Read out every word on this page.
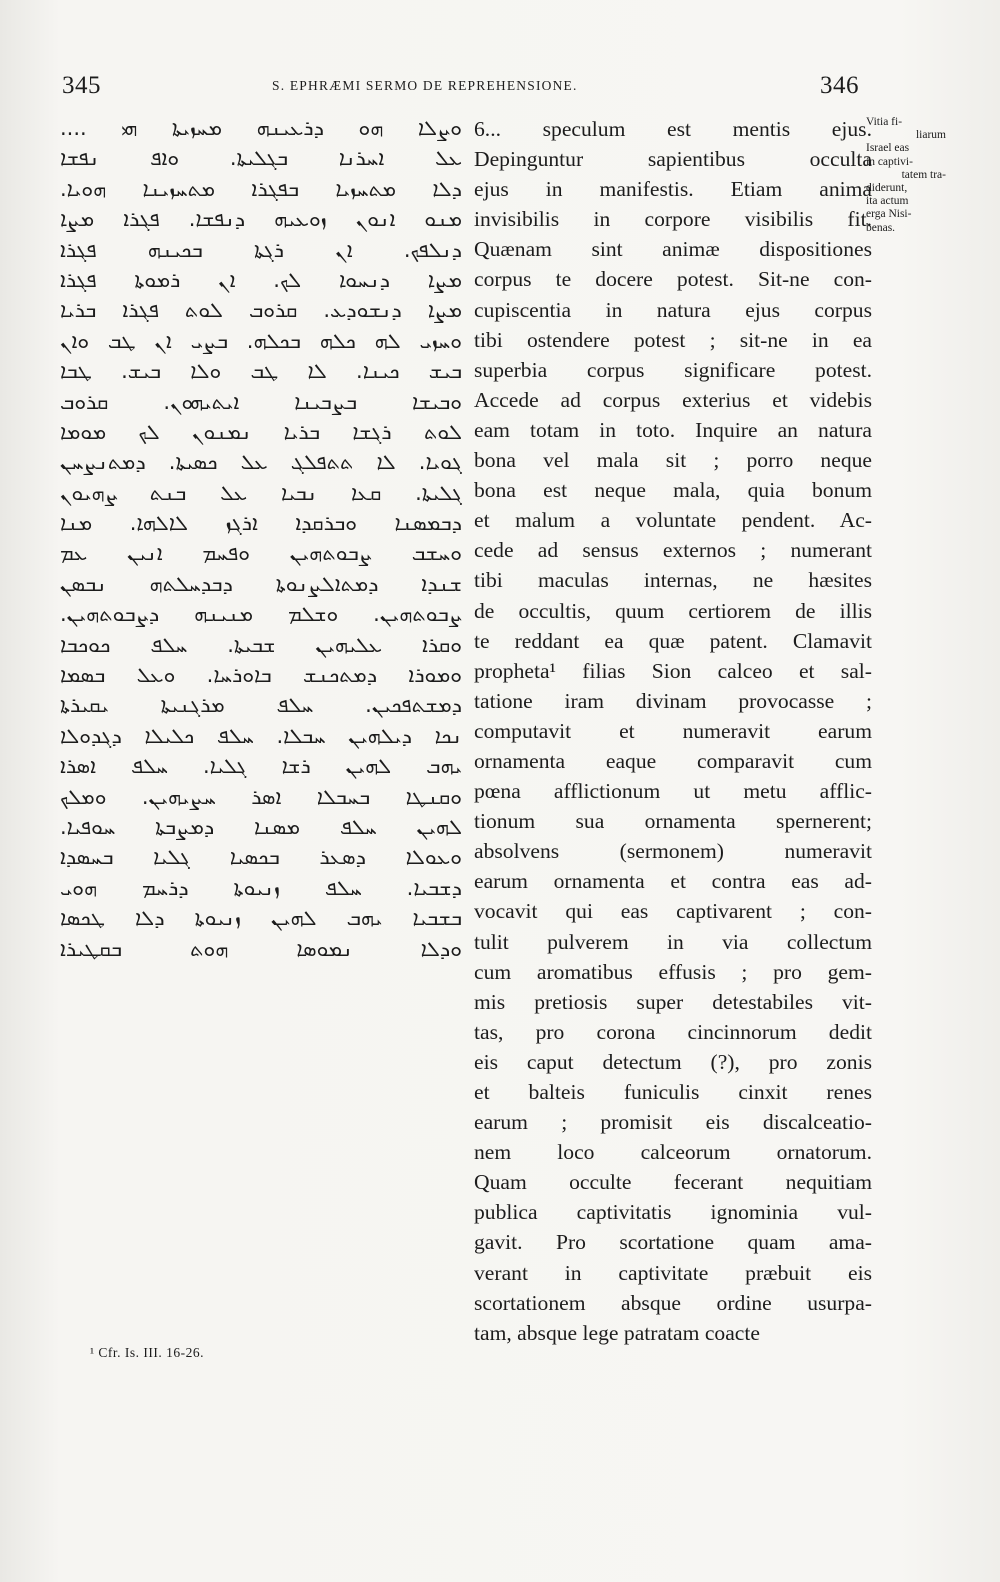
345	S. EPHRÆMI SERMO DE REPREHENSIONE.	346
ܘܨܠܐ ܗܘ ܕܪܥܝܢܗ ܡܚܙܝܬܐ ܗܝ ....
ܥܠ ܐܚܪܢܐ ܒܓܠܝܬܐ. ܘܐܦ ܢܦܫܐ
ܕܠܐ ܡܬܚܙܝܐ ܒܦܓܪܐ ܡܬܚܙܝܢܐ ܗܘܝܐ.
ܡܢܘ ܐܢܘܢ ܙܘܥܝܗ ܕܢܦܫܐ. ܦܓܪܐ ܡܨܐ
ܕܢܠܦܟ. ܐܢ ܪܓܬܐ ܒܟܝܢܗ ܦܓܪܐ
ܡܨܐ ܕܢܚܘܐ ܠܟ. ܐܢ ܪܡܘܬܐ ܦܓܪܐ
ܡܨܐ ܕܢܫܘܕܥ. ܩܪܘܒ ܠܘܬ ܦܓܪܐ ܒܪܝܐ
ܘܚܙܝ ܠܗ ܟܠܗ ܒܟܠܗ. ܒܨܝ ܐܢ ܛܒ ܘܐܢ
ܒܝܫ ܟܝܢܐ. ܠܐ ܛܒ ܘܠܐ ܒܝܫ. ܛܒܐ
ܘܒܝܫܐ ܒܨܒܝܢܐ ܐܝܬܝܗܘܢ. ܩܪܘܒ
ܠܘܬ ܪܓܫܐ ܒܪܝܐ ܢܡܢܘܢ ܠܟ ܡܘܡܐ
ܓܘܝܐ. ܠܐ ܬܬܦܠܓ ܥܠ ܟܣܝܬܐ. ܕܡܬܢܨܚܢ
ܓܠܝܬܐ. ܩܥܐ ܢܒܝܐ ܥܠ ܒܢܬ ܨܗܝܘܢ
ܕܒܡܣܢܐ ܘܒܪܩܕܐ ܐܪܓܙ ܠܐܠܗܐ. ܡܢܐ
ܘܚܫܒ ܨܒܘܬܗܝܢ ܘܦܚܡ ܐܢܝܢ ܥܡ
ܫܢܕܐ ܕܡܬܐܠܨܢܘܬܐ ܕܒܕܚܠܬܗ ܢܒܣܢ
ܨܒܘܬܗܝܢ. ܘܫܠܡ ܡܢܝܢܗ ܕܨܒܘܬܗܝܢ.
ܘܩܪܐ ܥܠܝܗܝܢ ܫܒܝܬܐ. ܚܠܦ ܟܘܟܒܐ
ܘܡܘܪܐ ܕܡܬܟܢܫ ܒܐܘܪܚܐ. ܘܥܠ ܒܣܡܐ
ܕܡܫܬܦܟܝܢ. ܚܠܦ ܡܪܓܢܝܬܐ ܝܩܝܪܬܐ
ܢܟܐ ܕܝܠܗܝܢ ܚܒܠܐ. ܚܠܦ ܟܠܝܠܐ ܕܓܕܘܠܐ
ܝܗܒ ܠܗܝܢ ܪܫܐ ܓܠܝܐ. ܚܠܦ ܐܣܪܐ
ܘܩܢܛܐ ܒܚܒܠܐ ܐܣܪ ܚܨܝܗܝܢ. ܘܡܠܟ
ܠܗܝܢ ܚܠܦ ܡܣܢܐ ܕܡܨܒܬܐ ܚܘܦܝܐ.
ܘܥܘܠܐ ܕܣܥܪ ܒܟܣܝܐ ܓܠܝܐ ܒܚܣܕܐ
ܕܫܒܝܐ. ܚܠܦ ܙܢܝܘܬܐ ܕܪܚܡ ܗܘܝ
ܒܫܒܝܐ ܝܗܒ ܠܗܝܢ ܙܢܝܘܬܐ ܕܠܐ ܛܟܣܐ
ܘܕܠܐ ܢܡܘܣܐ ܗܘܬ ܒܩܛܝܪܐ
¹ Cfr. Is. III. 16-26.
6... speculum est mentis ejus.
Depinguntur sapientibus occulta
ejus in manifestis. Etiam anima
invisibilis in corpore visibilis fit.
Quænam sint animæ dispositiones
corpus te docere potest. Sit-ne con-
cupiscentia in natura ejus corpus
tibi ostendere potest ; sit-ne in ea
superbia corpus significare potest.
Accede ad corpus exterius et videbis
eam totam in toto. Inquire an natura
bona vel mala sit ; porro neque
bona est neque mala, quia bonum
et malum a voluntate pendent. Ac-
cede ad sensus externos ; numerant
tibi maculas internas, ne hæsites
de occultis, quum certiorem de illis
te reddant ea quæ patent. Clamavit
propheta¹ filias Sion calceo et sal-
tatione iram divinam provocasse ;
computavit et numeravit earum
ornamenta eaque comparavit cum
pœna afflictionum ut metu afflic-
tionum sua ornamenta spernerent;
absolvens (sermonem) numeravit
earum ornamenta et contra eas ad-
vocavit qui eas captivarent ; con-
tulit pulverem in via collectum
cum aromatibus effusis ; pro gem-
mis pretiosis super detestabiles vit-
tas, pro corona cincinnorum dedit
eis caput detectum (?), pro zonis
et balteis funiculis cinxit renes
earum ; promisit eis discalceatio-
nem loco calceorum ornatorum.
Quam occulte fecerant nequitiam
publica captivitatis ignominia vul-
gavit. Pro scortatione quam ama-
verant in captivitate præbuit eis
scortationem absque ordine usurpa-
tam, absque lege patratam coacte
Vitia fi-
liarum
Israel eas
in captivi-
tatem tra-
diderunt,
ita actum
erga Nisi-
benas.
